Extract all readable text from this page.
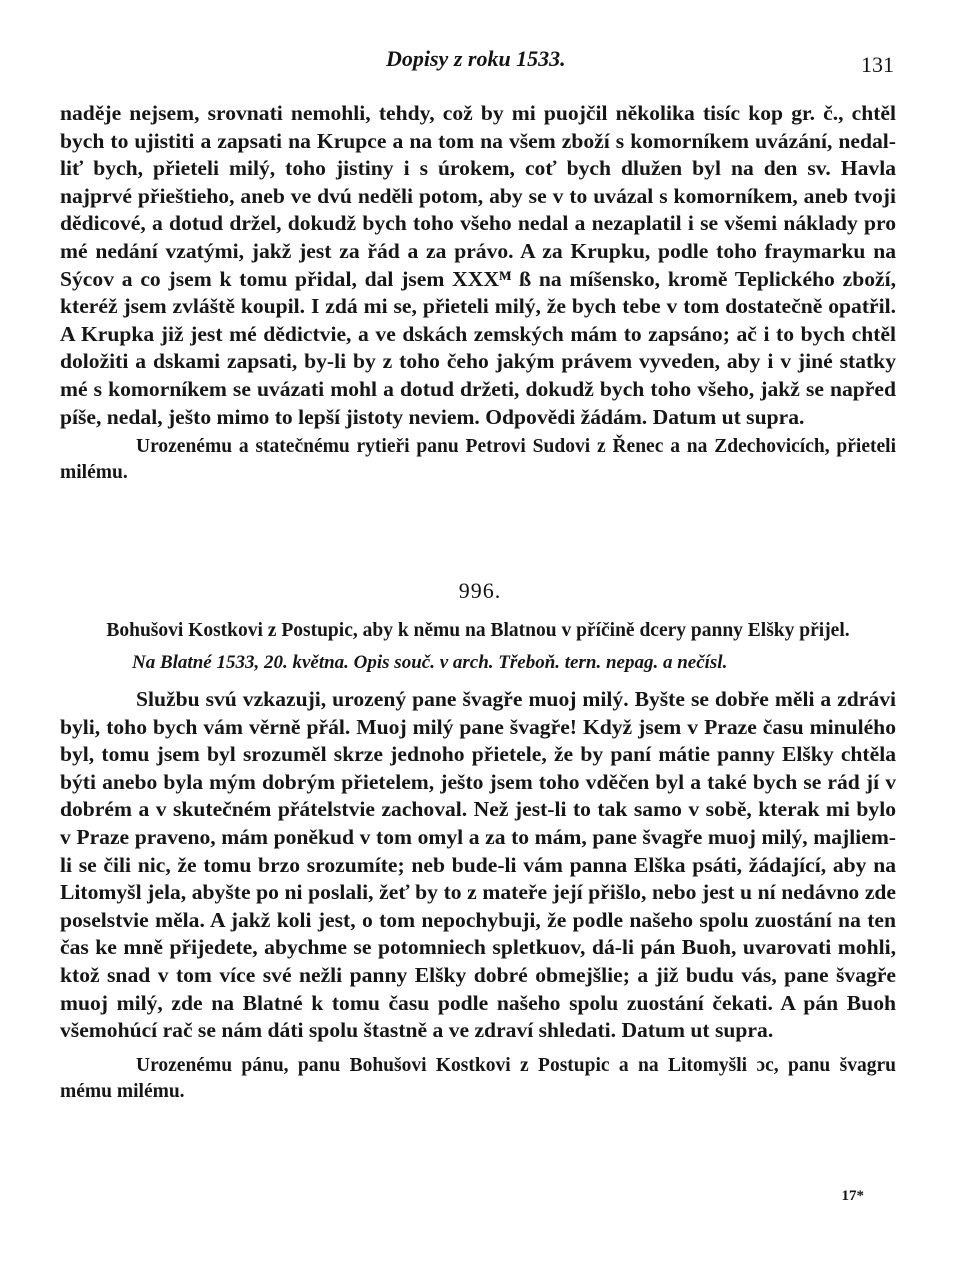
Dopisy z roku 1533.	131

naděje nejsem, srovnati nemohli, tehdy, což by mi puojčil několika tisíc kop gr. č., chtěl bych to ujistiti a zapsati na Krupce a na tom na všem zboží s komorníkem uvázání, nedal-liť bych, přieteli milý, toho jistiny i s úrokem, coť bych dlužen byl na den sv. Havla najprvé přieštieho, aneb ve dvú neděli potom, aby se v to uvázal s komorníkem, aneb tvoji dědicové, a dotud držel, dokudž bych toho všeho nedal a nezaplatil i se všemi náklady pro mé nedání vzatými, jakž jest za řád a za právo. A za Krupku, podle toho fraymarku na Sýcov a co jsem k tomu přidal, dal jsem XXXᴹ ß na míšensko, kromě Teplického zboží, kteréž jsem zvláště koupil. I zdá mi se, přieteli milý, že bych tebe v tom dostatečně opatřil. A Krupka již jest mé dědictvie, a ve dskách zemských mám to zapsáno; ač i to bych chtěl doložiti a dskami zapsati, by-li by z toho čeho jakým právem vyveden, aby i v jiné statky mé s komorníkem se uvázati mohl a dotud držeti, dokudž bych toho všeho, jakž se napřed píše, nedal, ješto mimo to lepší jistoty neviem. Odpovědi žádám. Datum ut supra.

Urozenému a statečnému rytieři panu Petrovi Sudovi z Řenec a na Zdechovicích, přieteli milému.

996.

Bohušovi Kostkovi z Postupic, aby k němu na Blatnou v příčině dcery panny Elšky přijel.

Na Blatné 1533, 20. května. Opis souč. v arch. Třeboň. tern. nepag. a nečísl.

Službu svú vzkazuji, urozený pane švagře muoj milý. Byšte se dobře měli a zdrávi byli, toho bych vám věrně přál. Muoj milý pane švagře! Když jsem v Praze času minulého byl, tomu jsem byl srozuměl skrze jednoho přietele, že by paní mátie panny Elšky chtěla býti anebo byla mým dobrým přietelem, ješto jsem toho vděčen byl a také bych se rád jí v dobrém a v skutečném přátelstvie zachoval. Než jest-li to tak samo v sobě, kterak mi bylo v Praze praveno, mám poněkud v tom omyl a za to mám, pane švagře muoj milý, majliem-li se čili nic, že tomu brzo srozumíte; neb bude-li vám panna Elška psáti, žádající, aby na Litomyšl jela, abyšte po ni poslali, žeť by to z mateře její přišlo, nebo jest u ní nedávno zde poselstvie měla. A jakž koli jest, o tom nepochybuji, že podle našeho spolu zuostání na ten čas ke mně přijedete, abychme se potomniech spletkuov, dá-li pán Buoh, uvarovati mohli, ktož snad v tom více své nežli panny Elšky dobré obmejšlie; a již budu vás, pane švagře muoj milý, zde na Blatné k tomu času podle našeho spolu zuostání čekati. A pán Buoh všemohúcí rač se nám dáti spolu štastně a ve zdraví shledati. Datum ut supra.

Urozenému pánu, panu Bohušovi Kostkovi z Postupic a na Litomyšli ɔc, panu švagru mému milému.

17*
